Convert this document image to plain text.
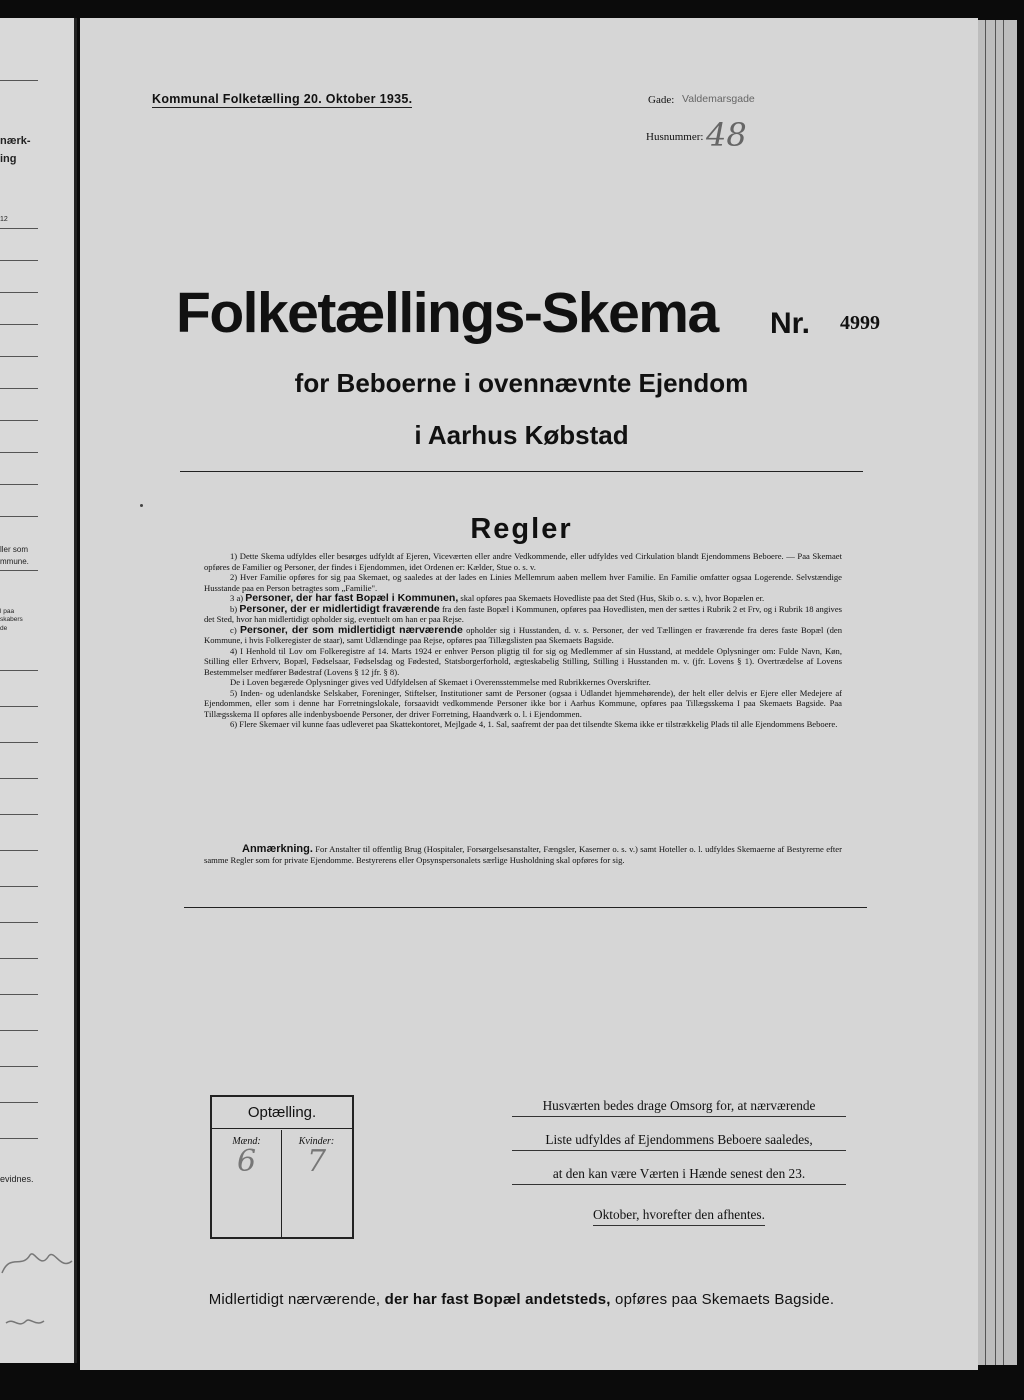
nærk-
ing
12
ller som
mmune.
l paa
skabers
de
evidnes.
Kommunal Folketælling 20. Oktober 1935.	Gade: Valdemarsgade
Husnummer: 48
Folketællings-Skema Nr. 4999
for Beboerne i ovennævnte Ejendom
i Aarhus Købstad
Regler

1) Dette Skema udfyldes eller besørges udfyldt af Ejeren, Viceværten eller andre Vedkommende, eller udfyldes ved Cirkulation blandt Ejendommens Beboere. — Paa Skemaet opføres de Familier og Personer, der findes i Ejendommen, idet Ordenen er: Kælder, Stue o. s. v.

2) Hver Familie opføres for sig paa Skemaet, og saaledes at der lades en Linies Mellemrum aaben mellem hver Familie. En Familie omfatter ogsaa Logerende. Selvstændige Husstande paa en Person betragtes som „Familie".

3 a) Personer, der har fast Bopæl i Kommunen, skal opføres paa Skemaets Hovedliste paa det Sted (Hus, Skib o. s. v.), hvor Bopælen er.

b) Personer, der er midlertidigt fraværende fra den faste Bopæl i Kommunen, opføres paa Hovedlisten, men der sættes i Rubrik 2 et Frv, og i Rubrik 18 angives det Sted, hvor han midlertidigt opholder sig, eventuelt om han er paa Rejse.

c) Personer, der som midlertidigt nærværende opholder sig i Husstanden, d. v. s. Personer, der ved Tællingen er fraværende fra deres faste Bopæl (den Kommune, i hvis Folkeregister de staar), samt Udlændinge paa Rejse, opføres paa Tillægslisten paa Skemaets Bagside.

4) I Henhold til Lov om Folkeregistre af 14. Marts 1924 er enhver Person pligtig til for sig og Medlemmer af sin Husstand, at meddele Oplysninger om: Fulde Navn, Køn, Stilling eller Erhverv, Bopæl, Fødselsaar, Fødselsdag og Fødested, Statsborgerforhold, ægteskabelig Stilling, Stilling i Husstanden m. v. (jfr. Lovens § 1). Overtrædelse af Lovens Bestemmelser medfører Bødestraf (Lovens § 12 jfr. § 8).

De i Loven begærede Oplysninger gives ved Udfyldelsen af Skemaet i Overensstemmelse med Rubrikkernes Overskrifter.

5) Inden- og udenlandske Selskaber, Foreninger, Stiftelser, Institutioner samt de Personer (ogsaa i Udlandet hjemmehørende), der helt eller delvis er Ejere eller Medejere af Ejendommen, eller som i denne har Forretningslokale, forsaavidt vedkommende Personer ikke bor i Aarhus Kommune, opføres paa Tillægsskema I paa Skemaets Bagside. Paa Tillægsskema II opføres alle indenbysboende Personer, der driver Forretning, Haandværk o. l. i Ejendommen.

6) Flere Skemaer vil kunne faas udleveret paa Skattekontoret, Mejlgade 4, 1. Sal, saafremt der paa det tilsendte Skema ikke er tilstrækkelig Plads til alle Ejendommens Beboere.

Anmærkning. For Anstalter til offentlig Brug (Hospitaler, Forsørgelsesanstalter, Fængsler, Kaserner o. s. v.) samt Hoteller o. l. udfyldes Skemaerne af Bestyrerne efter samme Regler som for private Ejendomme. Bestyrerens eller Opsynspersonalets særlige Husholdning skal opføres for sig.

Optælling.
Mænd:
6
Kvinder:
7
Husværten bedes drage Omsorg for, at nærværende
Liste udfyldes af Ejendommens Beboere saaledes,
at den kan være Værten i Hænde senest den 23.
Oktober, hvorefter den afhentes.
Midlertidigt nærværende, der har fast Bopæl andetsteds, opføres paa Skemaets Bagside.
